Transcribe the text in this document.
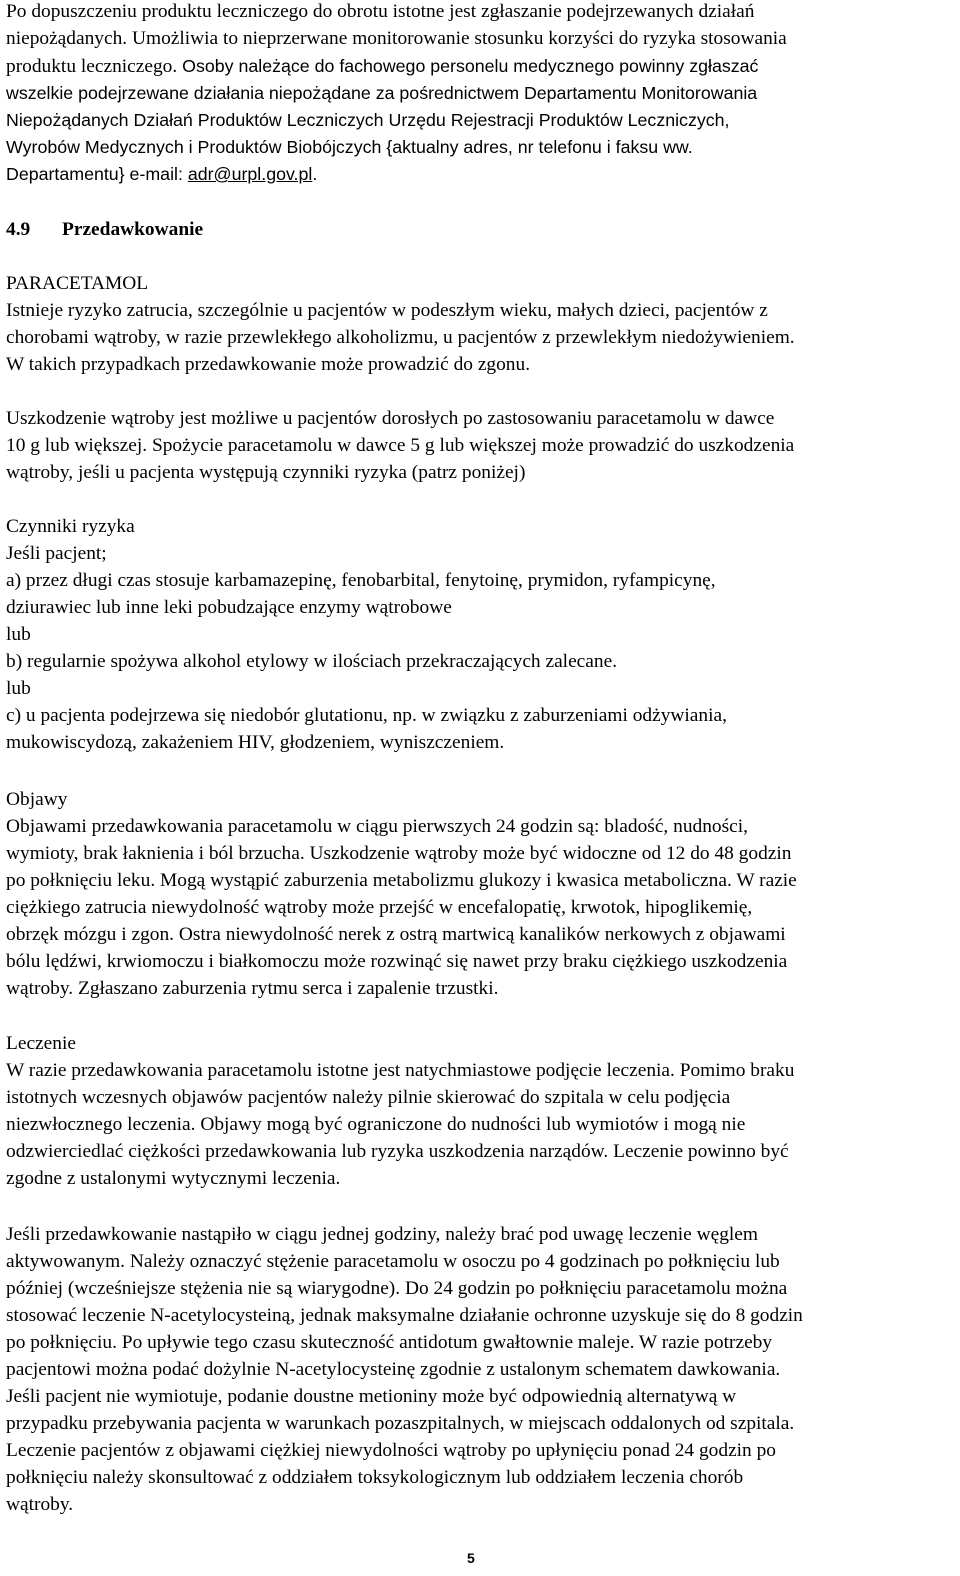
Po dopuszczeniu produktu leczniczego do obrotu istotne jest zgłaszanie podejrzewanych działań
niepożądanych. Umożliwia to nieprzerwane monitorowanie stosunku korzyści do ryzyka stosowania
produktu leczniczego. Osoby należące do fachowego personelu medycznego powinny zgłaszać
wszelkie podejrzewane działania niepożądane za pośrednictwem Departamentu Monitorowania
Niepożądanych Działań Produktów Leczniczych Urzędu Rejestracji Produktów Leczniczych,
Wyrobów Medycznych i Produktów Biobójczych {aktualny adres, nr telefonu i faksu ww.
Departamentu} e-mail: adr@urpl.gov.pl.
4.9 Przedawkowanie
PARACETAMOL
Istnieje ryzyko zatrucia, szczególnie u pacjentów w podeszłym wieku, małych dzieci, pacjentów z
chorobami wątroby, w razie przewlekłego alkoholizmu, u pacjentów z przewlekłym niedożywieniem.
W takich przypadkach przedawkowanie może prowadzić do zgonu.
Uszkodzenie wątroby jest możliwe u pacjentów dorosłych po zastosowaniu paracetamolu w dawce
10 g lub większej. Spożycie paracetamolu w dawce 5 g lub większej może prowadzić do uszkodzenia
wątroby, jeśli u pacjenta występują czynniki ryzyka (patrz poniżej)
Czynniki ryzyka
Jeśli pacjent;
a) przez długi czas stosuje karbamazepinę, fenobarbital, fenytoinę, prymidon, ryfampicynę,
dziurawiec lub inne leki pobudzające enzymy wątrobowe
lub
b) regularnie spożywa alkohol etylowy w ilościach przekraczających zalecane.
lub
c) u pacjenta podejrzewa się niedobór glutationu, np. w związku z zaburzeniami odżywiania,
mukowiscydozą, zakażeniem HIV, głodzeniem, wyniszczeniem.
Objawy
Objawami przedawkowania paracetamolu w ciągu pierwszych 24 godzin są: bladość, nudności,
wymioty, brak łaknienia i ból brzucha. Uszkodzenie wątroby może być widoczne od 12 do 48 godzin
po połknięciu leku. Mogą wystąpić zaburzenia metabolizmu glukozy i kwasica metaboliczna. W razie
ciężkiego zatrucia niewydolność wątroby może przejść w encefalopatię, krwotok, hipoglikemię,
obrzęk mózgu i zgon. Ostra niewydolność nerek z ostrą martwicą kanalików nerkowych z objawami
bólu lędźwi, krwiomoczu i białkomoczu może rozwinąć się nawet przy braku ciężkiego uszkodzenia
wątroby. Zgłaszano zaburzenia rytmu serca i zapalenie trzustki.
Leczenie
W razie przedawkowania paracetamolu istotne jest natychmiastowe podjęcie leczenia. Pomimo braku
istotnych wczesnych objawów pacjentów należy pilnie skierować do szpitala w celu podjęcia
niezwłocznego leczenia. Objawy mogą być ograniczone do nudności lub wymiotów i mogą nie
odzwierciedlać ciężkości przedawkowania lub ryzyka uszkodzenia narządów. Leczenie powinno być
zgodne z ustalonymi wytycznymi leczenia.
Jeśli przedawkowanie nastąpiło w ciągu jednej godziny, należy brać pod uwagę leczenie węglem
aktywowanym. Należy oznaczyć stężenie paracetamolu w osoczu po 4 godzinach po połknięciu lub
później (wcześniejsze stężenia nie są wiarygodne). Do 24 godzin po połknięciu paracetamolu można
stosować leczenie N-acetylocysteiną, jednak maksymalne działanie ochronne uzyskuje się do 8 godzin
po połknięciu. Po upływie tego czasu skuteczność antidotum gwałtownie maleje. W razie potrzeby
pacjentowi można podać dożylnie N-acetylocysteinę zgodnie z ustalonym schematem dawkowania.
Jeśli pacjent nie wymiotuje, podanie doustne metioniny może być odpowiednią alternatywą w
przypadku przebywania pacjenta w warunkach pozaszpitalnych, w miejscach oddalonych od szpitala.
Leczenie pacjentów z objawami ciężkiej niewydolności wątroby po upłynięciu ponad 24 godzin po
połknięciu należy skonsultować z oddziałem toksykologicznym lub oddziałem leczenia chorób
wątroby.
5
